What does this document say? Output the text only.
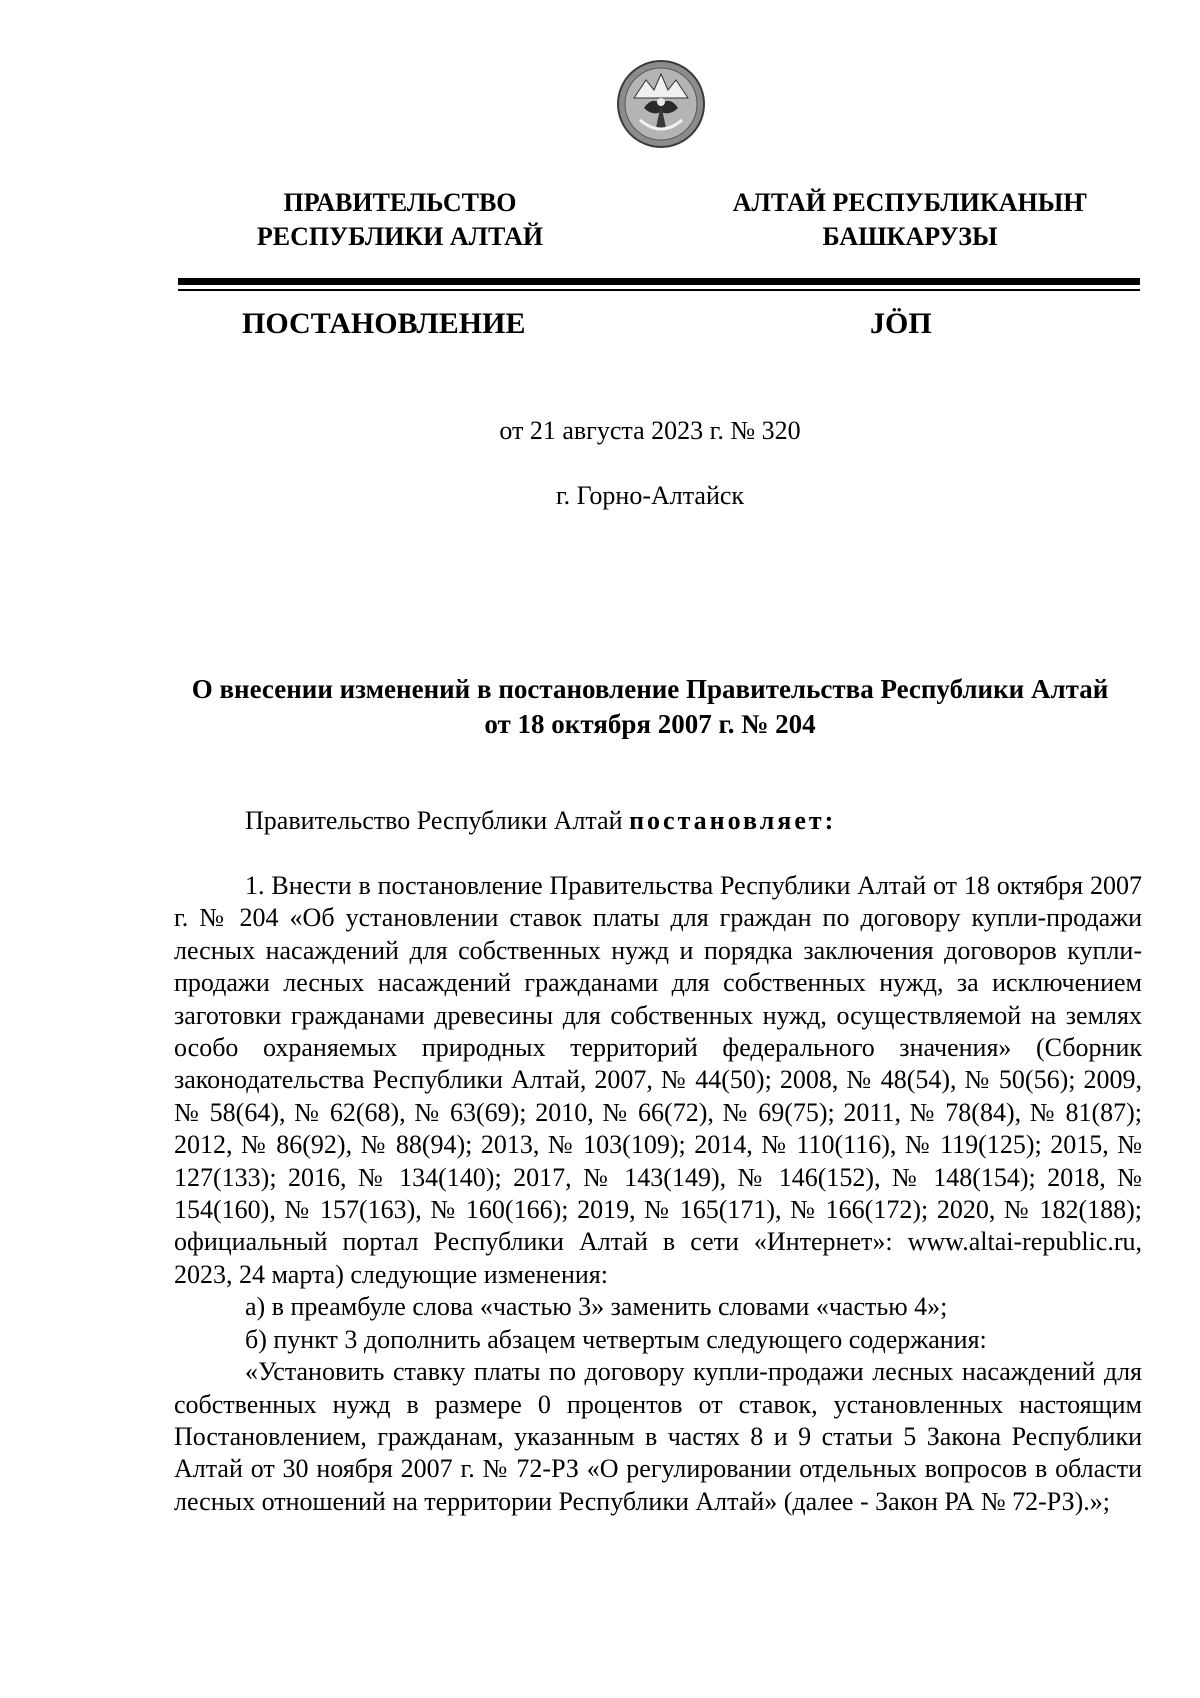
ПРАВИТЕЛЬСТВО
РЕСПУБЛИКИ АЛТАЙ
АЛТАЙ РЕСПУБЛИКАНЫҤ
БАШКАРУЗЫ
ПОСТАНОВЛЕНИЕ	JÖП
от 21 августа 2023 г. № 320
г. Горно-Алтайск
О внесении изменений в постановление Правительства Республики Алтай
от 18 октября 2007 г. № 204
Правительство Республики Алтай постановляет:

1. Внести в постановление Правительства Республики Алтай от 18 октября 2007 г. № 204 «Об установлении ставок платы для граждан по договору купли-продажи лесных насаждений для собственных нужд и порядка заключения договоров купли-продажи лесных насаждений гражданами для собственных нужд, за исключением заготовки гражданами древесины для собственных нужд, осуществляемой на землях особо охраняемых природных территорий федерального значения» (Сборник законодательства Республики Алтай, 2007, № 44(50); 2008, № 48(54), № 50(56); 2009, № 58(64), № 62(68), № 63(69); 2010, № 66(72), № 69(75); 2011, № 78(84), № 81(87); 2012, № 86(92), № 88(94); 2013, № 103(109); 2014, № 110(116), № 119(125); 2015, № 127(133); 2016, № 134(140); 2017, № 143(149), № 146(152), № 148(154); 2018, № 154(160), № 157(163), № 160(166); 2019, № 165(171), № 166(172); 2020, № 182(188); официальный портал Республики Алтай в сети «Интернет»: www.altai-republic.ru, 2023, 24 марта) следующие изменения:

а) в преамбуле слова «частью 3» заменить словами «частью 4»;

б) пункт 3 дополнить абзацем четвертым следующего содержания:

«Установить ставку платы по договору купли-продажи лесных насаждений для собственных нужд в размере 0 процентов от ставок, установленных настоящим Постановлением, гражданам, указанным в частях 8 и 9 статьи 5 Закона Республики Алтай от 30 ноября 2007 г. № 72-РЗ «О регулировании отдельных вопросов в области лесных отношений на территории Республики Алтай» (далее - Закон РА № 72-РЗ).»;
